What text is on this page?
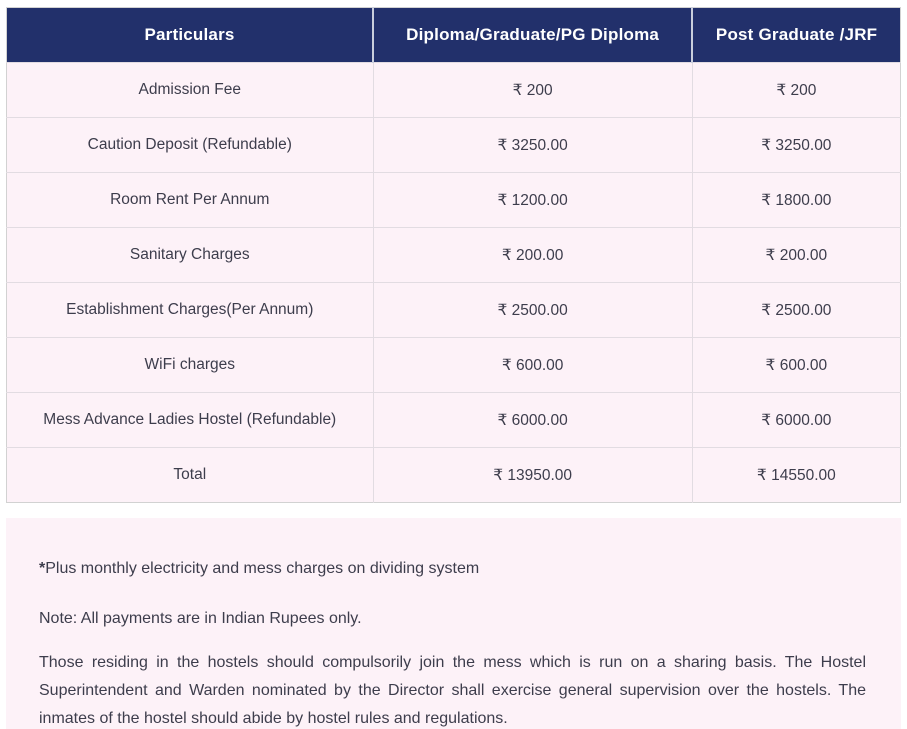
Particulars	Diploma/Graduate/PG Diploma	Post Graduate /JRF
Admission Fee	₹ 200	₹ 200
Caution Deposit (Refundable)	₹ 3250.00	₹ 3250.00
Room Rent Per Annum	₹ 1200.00	₹ 1800.00
Sanitary Charges	₹ 200.00	₹ 200.00
Establishment Charges(Per Annum)	₹ 2500.00	₹ 2500.00
WiFi charges	₹ 600.00	₹ 600.00
Mess Advance Ladies Hostel (Refundable)	₹ 6000.00	₹ 6000.00
Total	₹ 13950.00	₹ 14550.00

*Plus monthly electricity and mess charges on dividing system

Note: All payments are in Indian Rupees only.

Those residing in the hostels should compulsorily join the mess which is run on a sharing basis. The Hostel Superintendent and Warden nominated by the Director shall exercise general supervision over the hostels. The inmates of the hostel should abide by hostel rules and regulations.
